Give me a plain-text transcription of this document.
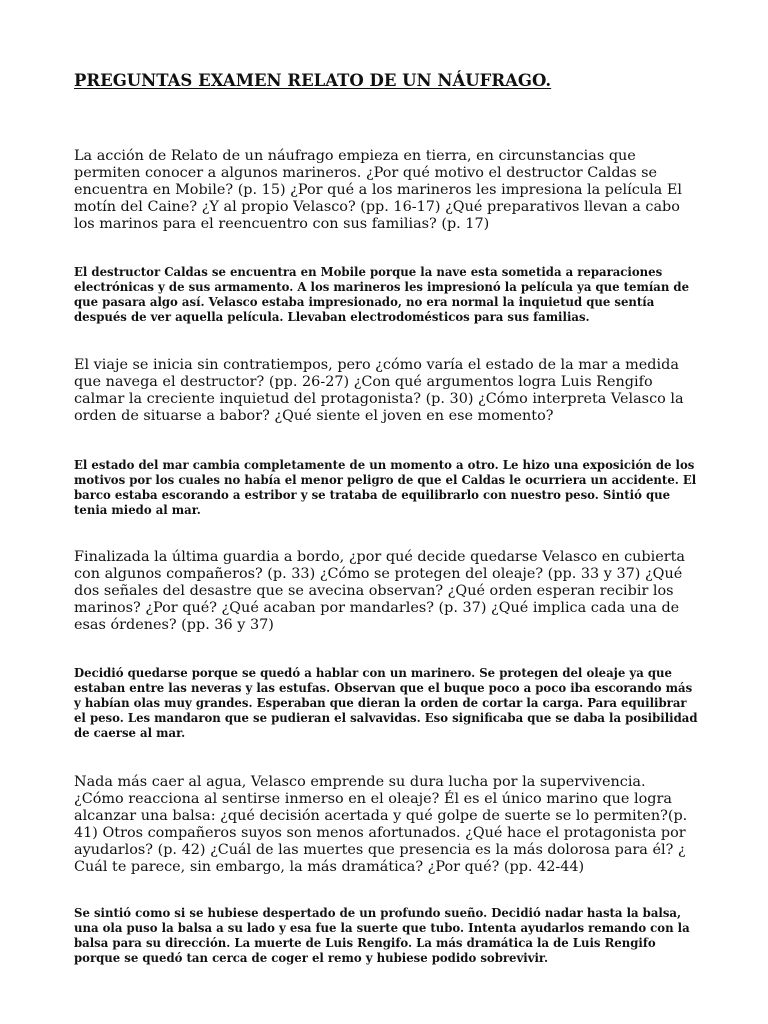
PREGUNTAS EXAMEN RELATO DE UN NÁUFRAGO.

La acción de Relato de un náufrago empieza en tierra, en circunstancias que permiten conocer a algunos marineros. ¿Por qué motivo el destructor Caldas se encuentra en Mobile? (p. 15) ¿Por qué a los marineros les impresiona la película El motín del Caine? ¿Y al propio Velasco? (pp. 16-17) ¿Qué preparativos llevan a cabo los marinos para el reencuentro con sus familias? (p. 17)

El destructor Caldas se encuentra en Mobile porque la nave esta sometida a reparaciones electrónicas y de sus armamento. A los marineros les impresionó la película ya que temían de que pasara algo así. Velasco estaba impresionado, no era normal la inquietud que sentía después de ver aquella película. Llevaban electrodomésticos para sus familias.

El viaje se inicia sin contratiempos, pero ¿cómo varía el estado de la mar a medida que navega el destructor? (pp. 26-27) ¿Con qué argumentos logra Luis Rengifo calmar la creciente inquietud del protagonista? (p. 30) ¿Cómo interpreta Velasco la orden de situarse a babor? ¿Qué siente el joven en ese momento?

El estado del mar cambia completamente de un momento a otro. Le hizo una exposición de los motivos por los cuales no había el menor peligro de que el Caldas le ocurriera un accidente. El barco estaba escorando a estribor y se trataba de equilibrarlo con nuestro peso. Sintió que tenia miedo al mar.

Finalizada la última guardia a bordo, ¿por qué decide quedarse Velasco en cubierta con algunos compañeros? (p. 33) ¿Cómo se protegen del oleaje? (pp. 33 y 37) ¿Qué dos señales del desastre que se avecina observan? ¿Qué orden esperan recibir los marinos? ¿Por qué? ¿Qué acaban por mandarles? (p. 37) ¿Qué implica cada una de esas órdenes? (pp. 36 y 37)

Decidió quedarse porque se quedó a hablar con un marinero. Se protegen del oleaje ya que estaban entre las neveras y las estufas. Observan que el buque poco a poco iba escorando más y habían olas muy grandes. Esperaban que dieran la orden de cortar la carga. Para equilibrar el peso. Les mandaron que se pudieran el salvavidas. Eso significaba que se daba la posibilidad de caerse al mar.

Nada más caer al agua, Velasco emprende su dura lucha por la supervivencia. ¿Cómo reacciona al sentirse inmerso en el oleaje? Él es el único marino que logra alcanzar una balsa: ¿qué decisión acertada y qué golpe de suerte se lo permiten?(p. 41) Otros compañeros suyos son menos afortunados. ¿Qué hace el protagonista por ayudarlos? (p. 42) ¿Cuál de las muertes que presencia es la más dolorosa para él? ¿ Cuál te parece, sin embargo, la más dramática? ¿Por qué? (pp. 42-44)

Se sintió como si se hubiese despertado de un profundo sueño. Decidió nadar hasta la balsa, una ola puso la balsa a su lado y esa fue la suerte que tubo. Intenta ayudarlos remando con la balsa para su dirección. La muerte de Luis Rengifo. La más dramática la de Luis Rengifo porque se quedó tan cerca de coger el remo y hubiese podido sobrevivir.
